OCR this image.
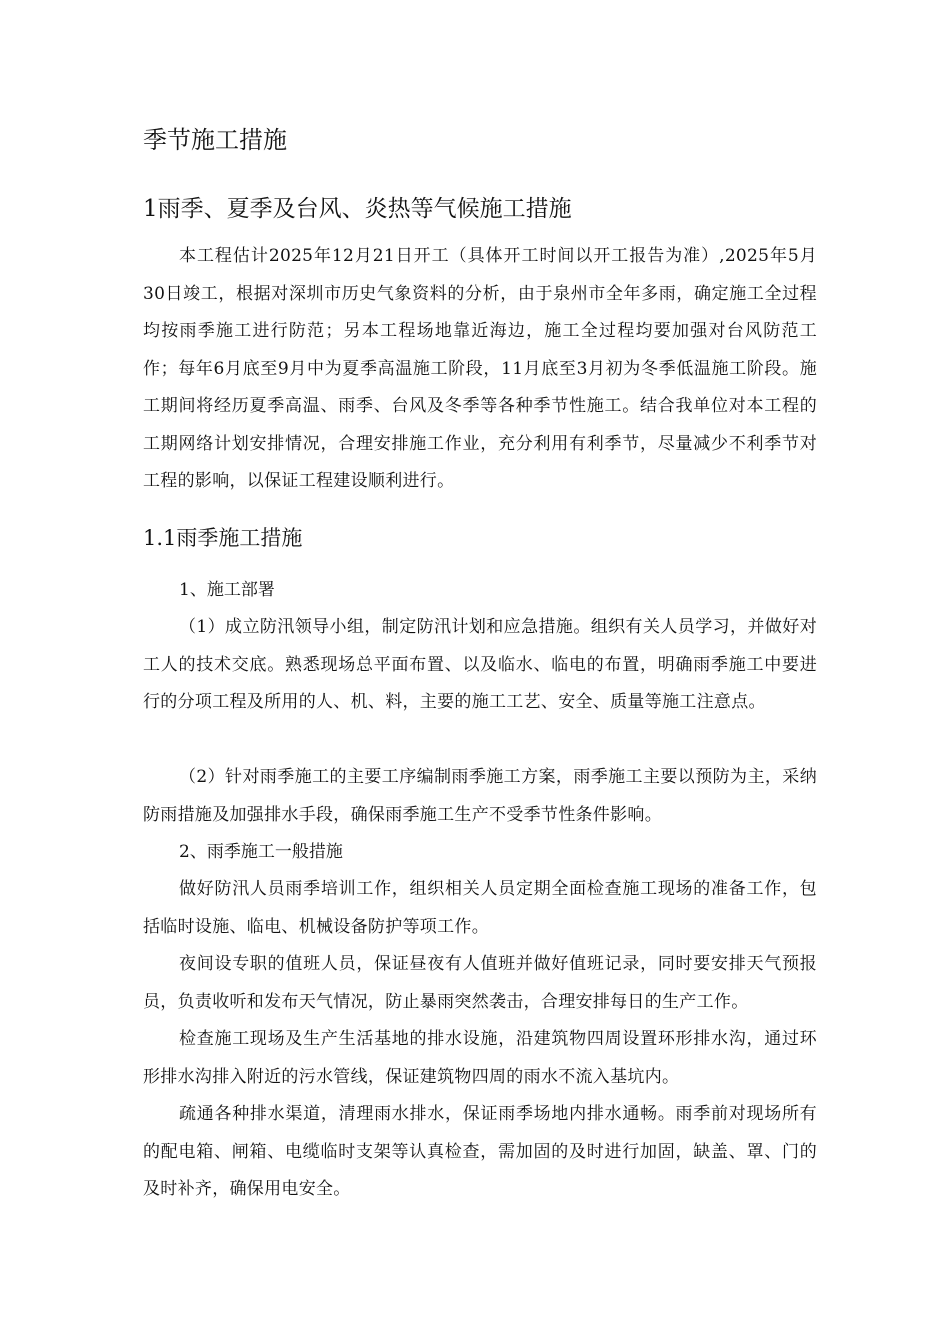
季节施工措施
1雨季、夏季及台风、炎热等气候施工措施

本工程估计2025年12月21日开工（具体开工时间以开工报告为准）,2025年5月30日竣工，根据对深圳市历史气象资料的分析，由于泉州市全年多雨，确定施工全过程均按雨季施工进行防范；另本工程场地靠近海边，施工全过程均要加强对台风防范工作；每年6月底至9月中为夏季高温施工阶段，11月底至3月初为冬季低温施工阶段。施工期间将经历夏季高温、雨季、台风及冬季等各种季节性施工。结合我单位对本工程的工期网络计划安排情况，合理安排施工作业，充分利用有利季节，尽量减少不利季节对工程的影响，以保证工程建设顺利进行。

1.1雨季施工措施
1、施工部署

（1）成立防汛领导小组，制定防汛计划和应急措施。组织有关人员学习，并做好对工人的技术交底。熟悉现场总平面布置、以及临水、临电的布置，明确雨季施工中要进行的分项工程及所用的人、机、料，主要的施工工艺、安全、质量等施工注意点。

（2）针对雨季施工的主要工序编制雨季施工方案，雨季施工主要以预防为主，采纳防雨措施及加强排水手段，确保雨季施工生产不受季节性条件影响。

2、雨季施工一般措施

做好防汛人员雨季培训工作，组织相关人员定期全面检查施工现场的准备工作，包括临时设施、临电、机械设备防护等项工作。

夜间设专职的值班人员，保证昼夜有人值班并做好值班记录，同时要安排天气预报员，负责收听和发布天气情况，防止暴雨突然袭击，合理安排每日的生产工作。

检查施工现场及生产生活基地的排水设施，沿建筑物四周设置环形排水沟，通过环形排水沟排入附近的污水管线，保证建筑物四周的雨水不流入基坑内。

疏通各种排水渠道，清理雨水排水，保证雨季场地内排水通畅。雨季前对现场所有的配电箱、闸箱、电缆临时支架等认真检查，需加固的及时进行加固，缺盖、罩、门的及时补齐，确保用电安全。
